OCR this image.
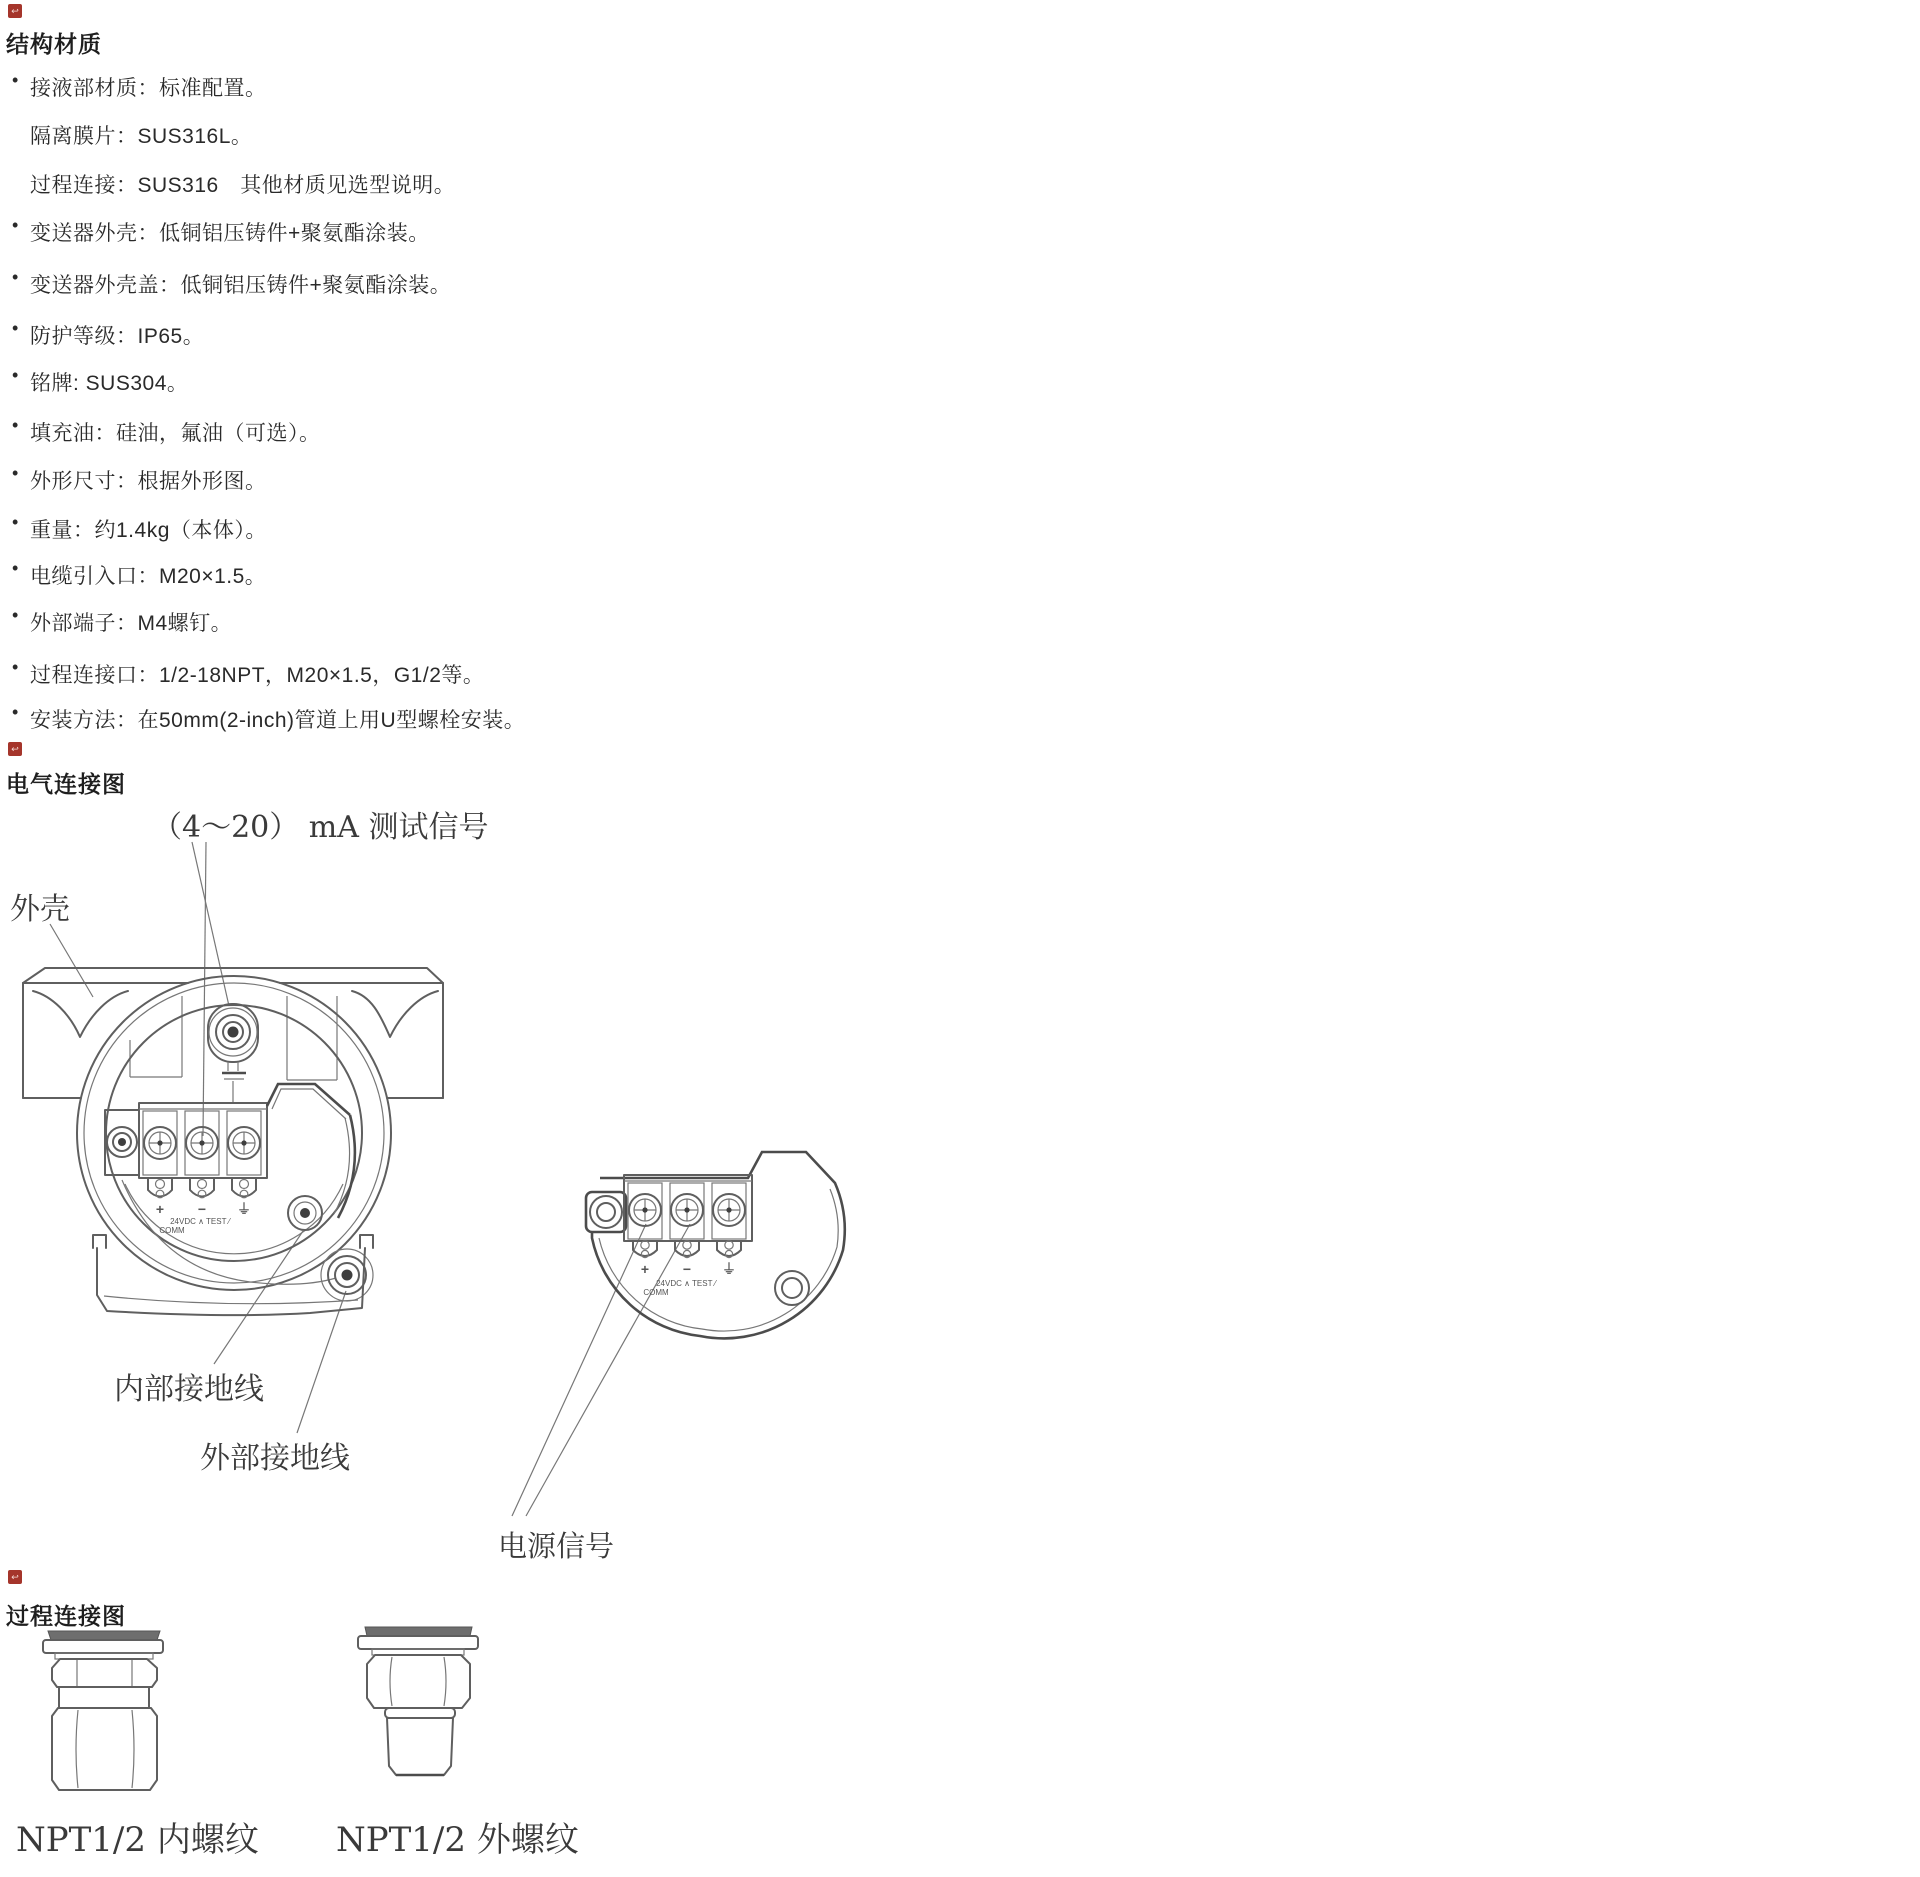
↩
结构材质
• 接液部材质：标准配置。
隔离膜片：SUS316L。
过程连接：SUS316　其他材质见选型说明。
• 变送器外壳：低铜铝压铸件+聚氨酯涂装。
• 变送器外壳盖：低铜铝压铸件+聚氨酯涂装。
• 防护等级：IP65。
• 铭牌: SUS304。
• 填充油：硅油，氟油（可选）。
• 外形尺寸：根据外形图。
• 重量：约1.4kg（本体）。
• 电缆引入口：M20×1.5。
• 外部端子：M4螺钉。
• 过程连接口：1/2-18NPT，M20×1.5，G1/2等。
• 安装方法：在50mm(2-inch)管道上用U型螺栓安装。
↩
电气连接图
（4～20） mA 测试信号
外壳
内部接地线
外部接地线
电源信号
+ − ⏚
24VDC ∧ TEST ⁄
COMM
+ − ⏚
24VDC ∧ TEST ⁄
COMM
↩
过程连接图
NPT1/2 内螺纹 NPT1/2 外螺纹
